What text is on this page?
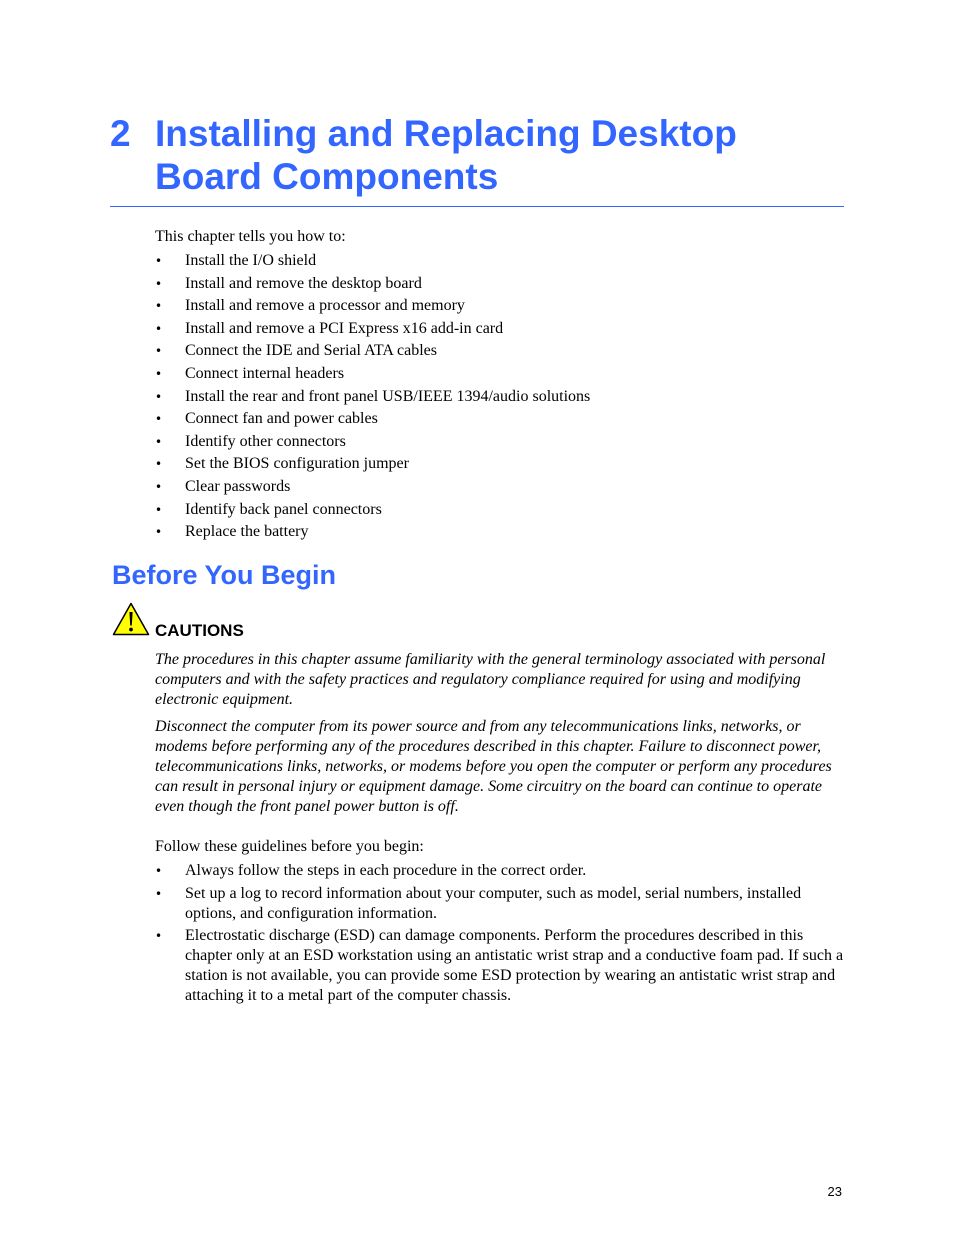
2 Installing and Replacing Desktop Board Components

This chapter tells you how to:

• Install the I/O shield
• Install and remove the desktop board
• Install and remove a processor and memory
• Install and remove a PCI Express x16 add-in card
• Connect the IDE and Serial ATA cables
• Connect internal headers
• Install the rear and front panel USB/IEEE 1394/audio solutions
• Connect fan and power cables
• Identify other connectors
• Set the BIOS configuration jumper
• Clear passwords
• Identify back panel connectors
• Replace the battery
Before You Begin
CAUTIONS

The procedures in this chapter assume familiarity with the general terminology associated with personal computers and with the safety practices and regulatory compliance required for using and modifying electronic equipment.

Disconnect the computer from its power source and from any telecommunications links, networks, or modems before performing any of the procedures described in this chapter. Failure to disconnect power, telecommunications links, networks, or modems before you open the computer or perform any procedures can result in personal injury or equipment damage. Some circuitry on the board can continue to operate even though the front panel power button is off.

Follow these guidelines before you begin:

• Always follow the steps in each procedure in the correct order.
• Set up a log to record information about your computer, such as model, serial numbers, installed options, and configuration information.
• Electrostatic discharge (ESD) can damage components. Perform the procedures described in this chapter only at an ESD workstation using an antistatic wrist strap and a conductive foam pad. If such a station is not available, you can provide some ESD protection by wearing an antistatic wrist strap and attaching it to a metal part of the computer chassis.
23
